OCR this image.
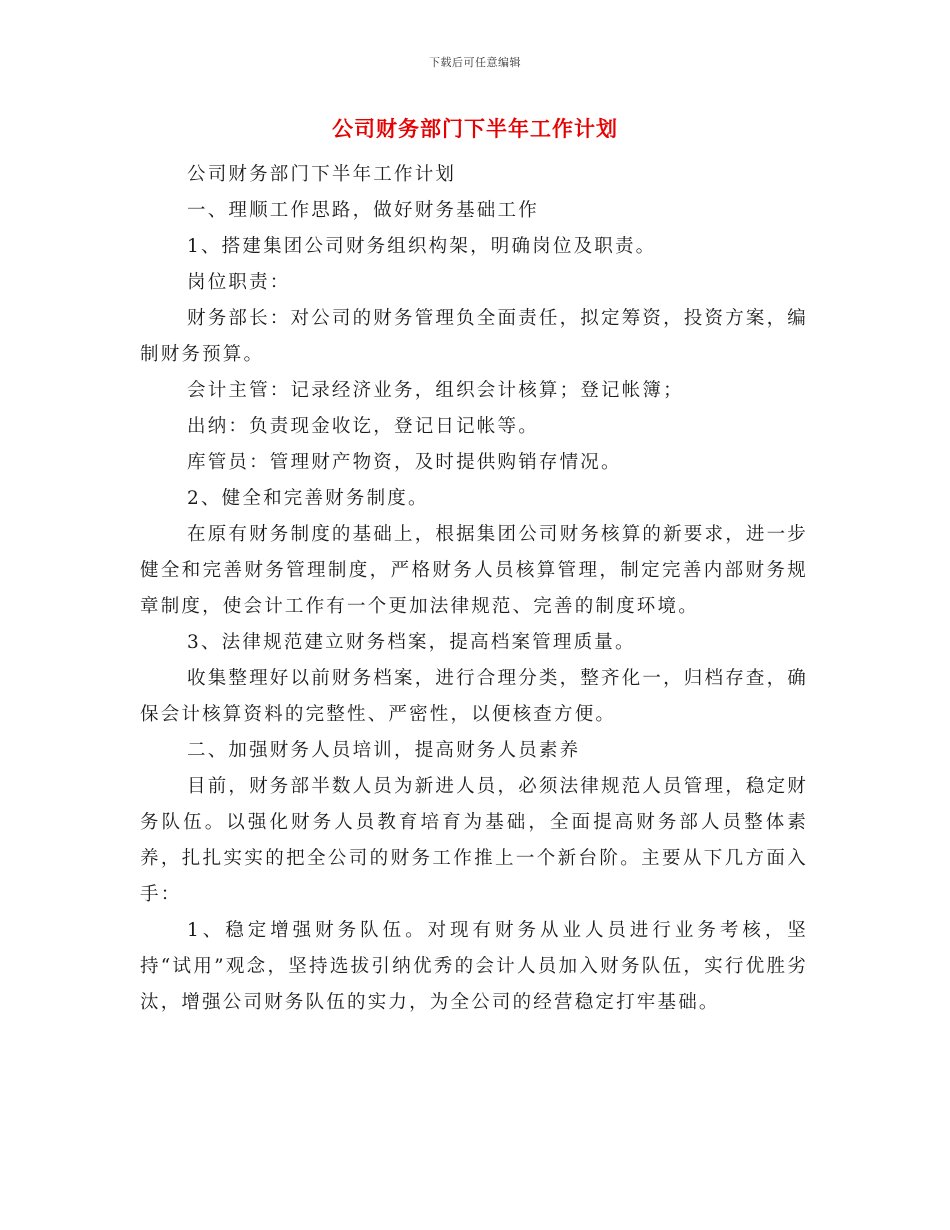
下载后可任意编辑
公司财务部门下半年工作计划

公司财务部门下半年工作计划

一、理顺工作思路，做好财务基础工作

1、搭建集团公司财务组织构架，明确岗位及职责。

岗位职责：

财务部长：对公司的财务管理负全面责任，拟定筹资，投资方案，编制财务预算。

会计主管：记录经济业务，组织会计核算；登记帐簿；

出纳：负责现金收讫，登记日记帐等。

库管员：管理财产物资，及时提供购销存情况。

2、健全和完善财务制度。

在原有财务制度的基础上，根据集团公司财务核算的新要求，进一步健全和完善财务管理制度，严格财务人员核算管理，制定完善内部财务规章制度，使会计工作有一个更加法律规范、完善的制度环境。

3、法律规范建立财务档案，提高档案管理质量。

收集整理好以前财务档案，进行合理分类，整齐化一，归档存查，确保会计核算资料的完整性、严密性，以便核查方便。

二、加强财务人员培训，提高财务人员素养

目前，财务部半数人员为新进人员，必须法律规范人员管理，稳定财务队伍。以强化财务人员教育培育为基础，全面提高财务部人员整体素养，扎扎实实的把全公司的财务工作推上一个新台阶。主要从下几方面入手：

1、稳定增强财务队伍。对现有财务从业人员进行业务考核，坚持“试用”观念，坚持选拔引纳优秀的会计人员加入财务队伍，实行优胜劣汰，增强公司财务队伍的实力，为全公司的经营稳定打牢基础。
